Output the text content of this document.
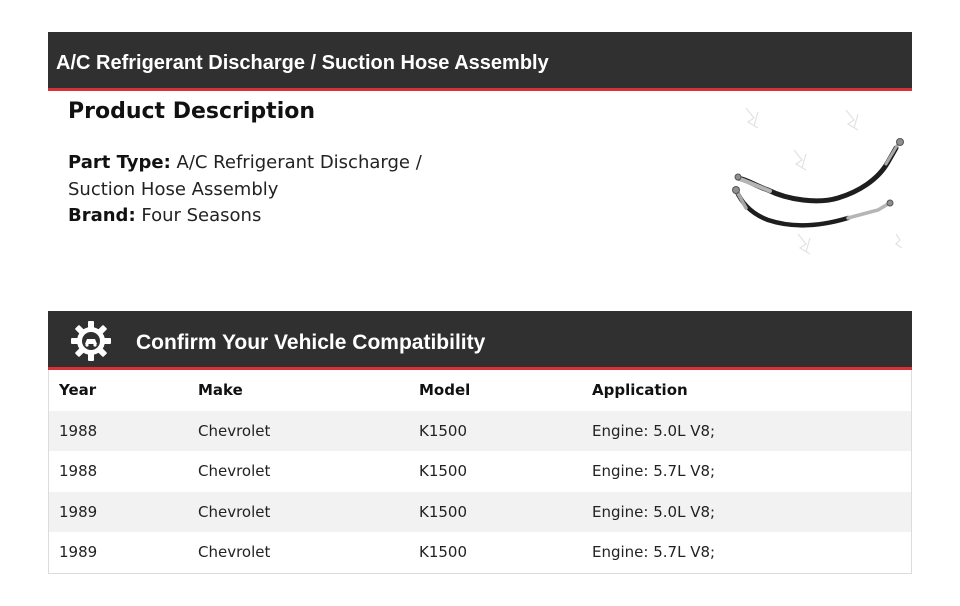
A/C Refrigerant Discharge / Suction Hose Assembly
Product Description
Part Type: A/C Refrigerant Discharge /
Suction Hose Assembly
Brand: Four Seasons
Confirm Your Vehicle Compatibility
Year	Make	Model	Application
1988	Chevrolet	K1500	Engine: 5.0L V8;
1988	Chevrolet	K1500	Engine: 5.7L V8;
1989	Chevrolet	K1500	Engine: 5.0L V8;
1989	Chevrolet	K1500	Engine: 5.7L V8;
